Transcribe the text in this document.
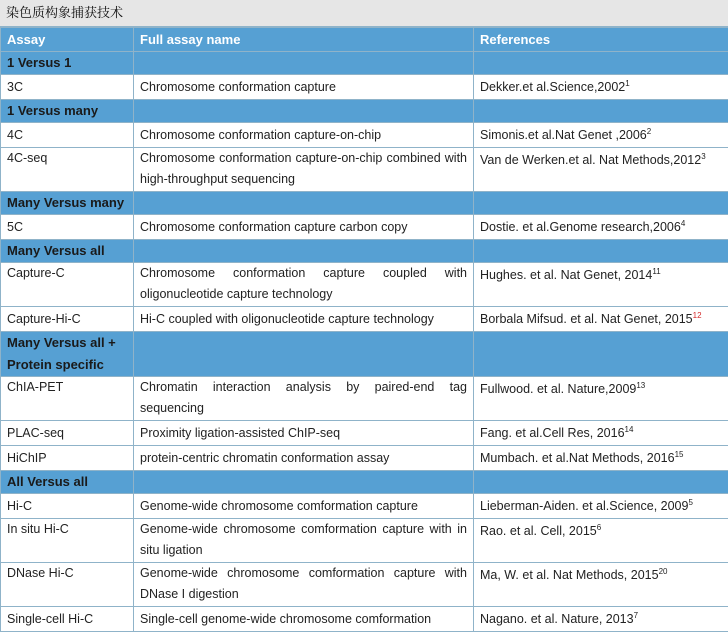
染色质构象捕获技术
Assay	Full assay name	References
1 Versus 1		
3C	Chromosome conformation capture	Dekker.et al.Science,2002$^1$
1 Versus many		
4C	Chromosome conformation capture-on-chip	Simonis.et al.Nat Genet ,2006$^2$
4C-seq	Chromosome conformation capture-on-chip combined with high-throughput sequencing	Van de Werken.et al. Nat Methods,2012$^3$
Many Versus many		
5C	Chromosome conformation capture carbon copy	Dostie. et al.Genome research,2006$^4$
Many Versus all		
Capture-C	Chromosome conformation capture coupled with oligonucleotide capture technology	Hughes. et al. Nat Genet, 2014$^{11}$
Capture-Hi-C	Hi-C coupled with oligonucleotide capture technology	Borbala Mifsud. et al. Nat Genet, 2015$^{12}$
Many Versus all + Protein specific		
ChIA-PET	Chromatin interaction analysis by paired-end tag sequencing	Fullwood. et al. Nature,2009$^{13}$
PLAC-seq	Proximity ligation-assisted ChIP-seq	Fang. et al.Cell Res, 2016$^{14}$
HiChIP	protein-centric chromatin conformation assay	Mumbach. et al.Nat Methods, 2016$^{15}$
All Versus all		
Hi-C	Genome-wide chromosome comformation capture	Lieberman-Aiden. et al.Science, 2009$^5$
In situ Hi-C	Genome-wide chromosome comformation capture with in situ ligation	Rao. et al. Cell, 2015$^6$
DNase Hi-C	Genome-wide chromosome comformation capture with DNase I digestion	Ma, W. et al. Nat Methods, 2015$^{20}$
Single-cell Hi-C	Single-cell genome-wide chromosome comformation	Nagano. et al. Nature, 2013$^7$
